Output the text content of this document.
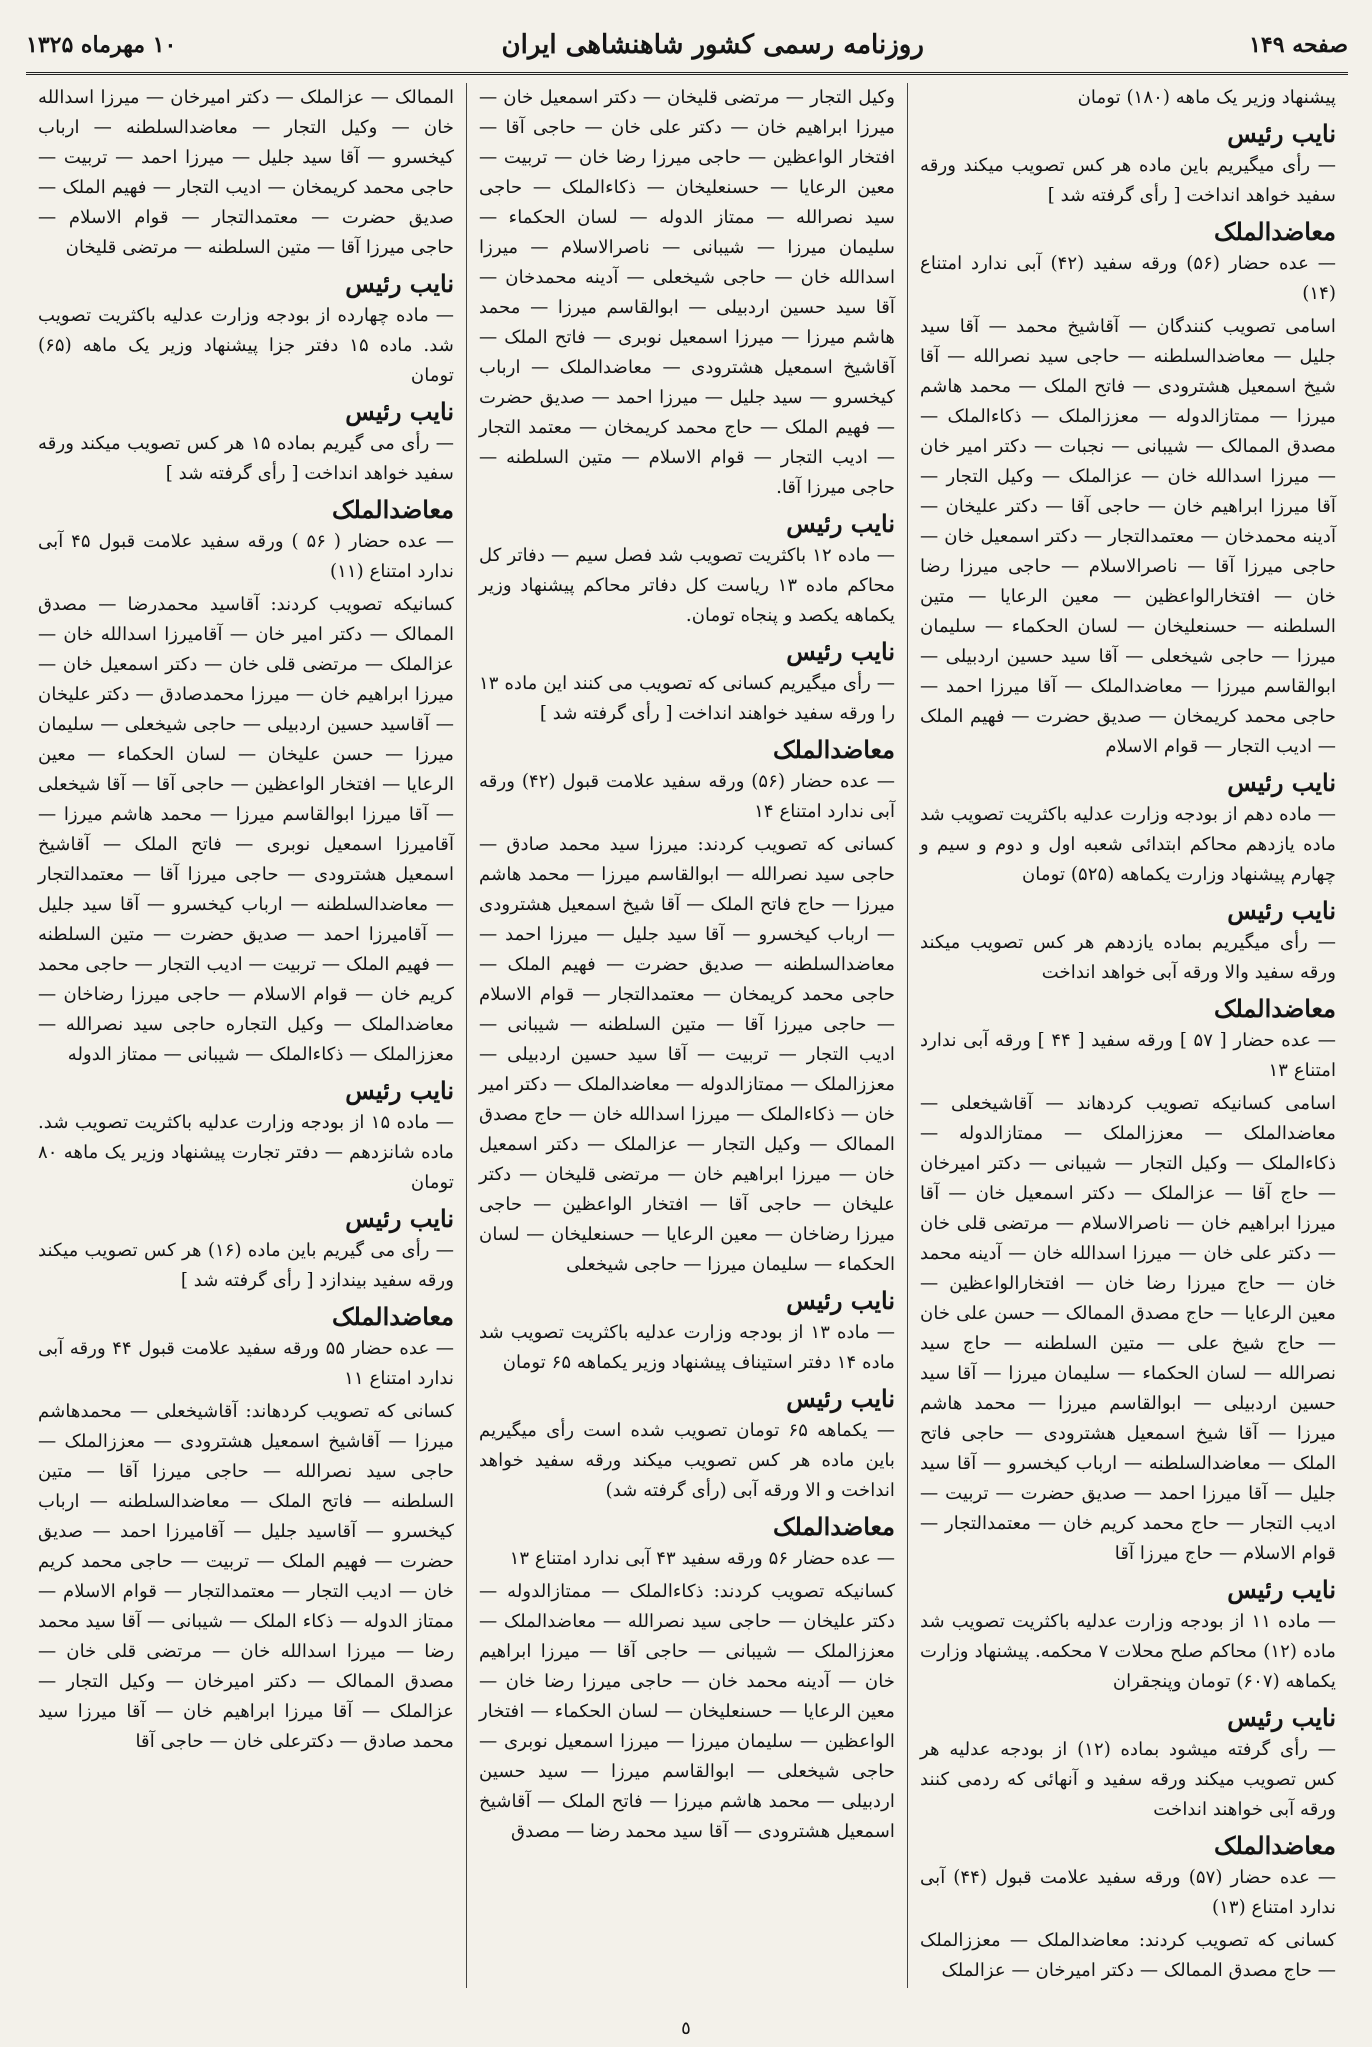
صفحه ۱۴۹
روزنامه رسمی کشور شاهنشاهی ایران
۱۰ مهرماه ۱۳۲۵

پیشنهاد وزیر یک ماهه (۱۸۰) تومان

نایب رئیس

— رأی میگیریم باین ماده هر کس تصویب میکند ورقه سفید خواهد انداخت [ رأی گرفته شد ]

معاضدالملک

— عده حضار (۵۶) ورقه سفید (۴۲) آبی ندارد امتناع (۱۴)

اسامی تصویب کنندگان — آقاشیخ محمد — آقا سید جلیل — معاضدالسلطنه — حاجی سید نصرالله — آقا شیخ اسمعیل هشترودی — فاتح الملک — محمد هاشم میرزا — ممتازالدوله — معززالملک — ذکاءالملک — مصدق الممالک — شیبانی — نجبات — دکتر امیر خان — میرزا اسدالله خان — عزالملک — وکیل التجار — آقا میرزا ابراهیم خان — حاجی آقا — دکتر علیخان — آدینه محمدخان — معتمدالتجار — دکتر اسمعیل خان — حاجی میرزا آقا — ناصرالاسلام — حاجی میرزا رضا خان — افتخارالواعظین — معین الرعایا — متین السلطنه — حسنعلیخان — لسان الحکماء — سلیمان میرزا — حاجی شیخعلی — آقا سید حسین اردبیلی — ابوالقاسم میرزا — معاضدالملک — آقا میرزا احمد — حاجی محمد کریمخان — صدیق حضرت — فهیم الملک — ادیب التجار — قوام الاسلام

نایب رئیس

— ماده دهم از بودجه وزارت عدلیه باکثریت تصویب شد ماده یازدهم محاکم ابتدائی شعبه اول و دوم و سیم و چهارم پیشنهاد وزارت یکماهه (۵۲۵) تومان

نایب رئیس

— رأی میگیریم بماده یازدهم هر کس تصویب میکند ورقه سفید والا ورقه آبی خواهد انداخت

معاضدالملک

— عده حضار [ ۵۷ ] ورقه سفید [ ۴۴ ] ورقه آبی ندارد امتناع ۱۳

اسامی کسانیکه تصویب کردهاند — آقاشیخعلی — معاضدالملک — معززالملک — ممتازالدوله — ذکاءالملک — وکیل التجار — شیبانی — دکتر امیرخان — حاج آقا — عزالملک — دکتر اسمعیل خان — آقا میرزا ابراهیم خان — ناصرالاسلام — مرتضی قلی خان — دکتر علی خان — میرزا اسدالله خان — آدینه محمد خان — حاج میرزا رضا خان — افتخارالواعظین — معین الرعایا — حاج مصدق الممالک — حسن علی خان — حاج شیخ علی — متین السلطنه — حاج سید نصرالله — لسان الحکماء — سلیمان میرزا — آقا سید حسین اردبیلی — ابوالقاسم میرزا — محمد هاشم میرزا — آقا شیخ اسمعیل هشترودی — حاجی فاتح الملک — معاضدالسلطنه — ارباب کیخسرو — آقا سید جلیل — آقا میرزا احمد — صدیق حضرت — تربیت — ادیب التجار — حاج محمد کریم خان — معتمدالتجار — قوام الاسلام — حاج میرزا آقا

نایب رئیس

— ماده ۱۱ از بودجه وزارت عدلیه باکثریت تصویب شد ماده (۱۲) محاکم صلح محلات ۷ محکمه. پیشنهاد وزارت یکماهه (۶۰۷) تومان وپنجقران

نایب رئیس

— رأی گرفته میشود بماده (۱۲) از بودجه عدلیه هر کس تصویب میکند ورقه سفید و آنهائی که ردمی کنند ورقه آبی خواهند انداخت

معاضدالملک

— عده حضار (۵۷) ورقه سفید علامت قبول (۴۴) آبی ندارد امتناع (۱۳)

کسانی که تصویب کردند: معاضدالملک — معززالملک — حاج مصدق الممالک — دکتر امیرخان — عزالملک

وکیل التجار — مرتضی قلیخان — دکتر اسمعیل خان — میرزا ابراهیم خان — دکتر علی خان — حاجی آقا — افتخار الواعظین — حاجی میرزا رضا خان — تربیت — معین الرعایا — حسنعلیخان — ذکاءالملک — حاجی سید نصرالله — ممتاز الدوله — لسان الحکماء — سلیمان میرزا — شیبانی — ناصرالاسلام — میرزا اسدالله خان — حاجی شیخعلی — آدینه محمدخان — آقا سید حسین اردبیلی — ابوالقاسم میرزا — محمد هاشم میرزا — میرزا اسمعیل نوبری — فاتح الملک — آقاشیخ اسمعیل هشترودی — معاضدالملک — ارباب کیخسرو — سید جلیل — میرزا احمد — صدیق حضرت — فهیم الملک — حاج محمد کریمخان — معتمد التجار — ادیب التجار — قوام الاسلام — متین السلطنه — حاجی میرزا آقا.

نایب رئیس

— ماده ۱۲ باکثریت تصویب شد فصل سیم — دفاتر کل محاکم ماده ۱۳ ریاست کل دفاتر محاکم پیشنهاد وزیر یکماهه یکصد و پنجاه تومان.

نایب رئیس

— رأی میگیریم کسانی که تصویب می کنند این ماده ۱۳ را ورقه سفید خواهند انداخت [ رأی گرفته شد ]

معاضدالملک

— عده حضار (۵۶) ورقه سفید علامت قبول (۴۲) ورقه آبی ندارد امتناع ۱۴

کسانی که تصویب کردند: میرزا سید محمد صادق — حاجی سید نصرالله — ابوالقاسم میرزا — محمد هاشم میرزا — حاج فاتح الملک — آقا شیخ اسمعیل هشترودی — ارباب کیخسرو — آقا سید جلیل — میرزا احمد — معاضدالسلطنه — صدیق حضرت — فهیم الملک — حاجی محمد کریمخان — معتمدالتجار — قوام الاسلام — حاجی میرزا آقا — متین السلطنه — شیبانی — ادیب التجار — تربیت — آقا سید حسین اردبیلی — معززالملک — ممتازالدوله — معاضدالملک — دکتر امیر خان — ذکاءالملک — میرزا اسدالله خان — حاج مصدق الممالک — وکیل التجار — عزالملک — دکتر اسمعیل خان — میرزا ابراهیم خان — مرتضی قلیخان — دکتر علیخان — حاجی آقا — افتخار الواعظین — حاجی میرزا رضاخان — معین الرعایا — حسنعلیخان — لسان الحکماء — سلیمان میرزا — حاجی شیخعلی

نایب رئیس

— ماده ۱۳ از بودجه وزارت عدلیه باکثریت تصویب شد ماده ۱۴ دفتر استیناف پیشنهاد وزیر یکماهه ۶۵ تومان

نایب رئیس

— یکماهه ۶۵ تومان تصویب شده است رأی میگیریم باین ماده هر کس تصویب میکند ورقه سفید خواهد انداخت و الا ورقه آبی (رأی گرفته شد)

معاضدالملک

— عده حضار ۵۶ ورقه سفید ۴۳ آبی ندارد امتناع ۱۳

کسانیکه تصویب کردند: ذکاءالملک — ممتازالدوله — دکتر علیخان — حاجی سید نصرالله — معاضدالملک — معززالملک — شیبانی — حاجی آقا — میرزا ابراهیم خان — آدینه محمد خان — حاجی میرزا رضا خان — معین الرعایا — حسنعلیخان — لسان الحکماء — افتخار الواعظین — سلیمان میرزا — میرزا اسمعیل نوبری — حاجی شیخعلی — ابوالقاسم میرزا — سید حسین اردبیلی — محمد هاشم میرزا — فاتح الملک — آقاشیخ اسمعیل هشترودی — آقا سید محمد رضا — مصدق

الممالک — عزالملک — دکتر امیرخان — میرزا اسدالله خان — وکیل التجار — معاضدالسلطنه — ارباب کیخسرو — آقا سید جلیل — میرزا احمد — تربیت — حاجی محمد کریمخان — ادیب التجار — فهیم الملک — صدیق حضرت — معتمدالتجار — قوام الاسلام — حاجی میرزا آقا — متین السلطنه — مرتضی قلیخان

نایب رئیس

— ماده چهارده از بودجه وزارت عدلیه باکثریت تصویب شد. ماده ۱۵ دفتر جزا پیشنهاد وزیر یک ماهه (۶۵) تومان

نایب رئیس

— رأی می گیریم بماده ۱۵ هر کس تصویب میکند ورقه سفید خواهد انداخت [ رأی گرفته شد ]

معاضدالملک

— عده حضار ( ۵۶ ) ورقه سفید علامت قبول ۴۵ آبی ندارد امتناع (۱۱)

کسانیکه تصویب کردند: آقاسید محمدرضا — مصدق الممالک — دکتر امیر خان — آقامیرزا اسدالله خان — عزالملک — مرتضی قلی خان — دکتر اسمعیل خان — میرزا ابراهیم خان — میرزا محمدصادق — دکتر علیخان — آقاسید حسین اردبیلی — حاجی شیخعلی — سلیمان میرزا — حسن علیخان — لسان الحکماء — معین الرعایا — افتخار الواعظین — حاجی آقا — آقا شیخعلی — آقا میرزا ابوالقاسم میرزا — محمد هاشم میرزا — آقامیرزا اسمعیل نوبری — فاتح الملک — آقاشیخ اسمعیل هشترودی — حاجی میرزا آقا — معتمدالتجار — معاضدالسلطنه — ارباب کیخسرو — آقا سید جلیل — آقامیرزا احمد — صدیق حضرت — متین السلطنه — فهیم الملک — تربیت — ادیب التجار — حاجی محمد کریم خان — قوام الاسلام — حاجی میرزا رضاخان — معاضدالملک — وکیل التجاره حاجی سید نصرالله — معززالملک — ذکاءالملک — شیبانی — ممتاز الدوله

نایب رئیس

— ماده ۱۵ از بودجه وزارت عدلیه باکثریت تصویب شد. ماده شانزدهم — دفتر تجارت پیشنهاد وزیر یک ماهه ۸۰ تومان

نایب رئیس

— رأی می گیریم باین ماده (۱۶) هر کس تصویب میکند ورقه سفید بیندازد [ رأی گرفته شد ]

معاضدالملک

— عده حضار ۵۵ ورقه سفید علامت قبول ۴۴ ورقه آبی ندارد امتناع ۱۱

کسانی که تصویب کردهاند: آقاشیخعلی — محمدهاشم میرزا — آقاشیخ اسمعیل هشترودی — معززالملک — حاجی سید نصرالله — حاجی میرزا آقا — متین السلطنه — فاتح الملک — معاضدالسلطنه — ارباب کیخسرو — آقاسید جلیل — آقامیرزا احمد — صدیق حضرت — فهیم الملک — تربیت — حاجی محمد کریم خان — ادیب التجار — معتمدالتجار — قوام الاسلام — ممتاز الدوله — ذکاء الملک — شیبانی — آقا سید محمد رضا — میرزا اسدالله خان — مرتضی قلی خان — مصدق الممالک — دکتر امیرخان — وکیل التجار — عزالملک — آقا میرزا ابراهیم خان — آقا میرزا سید محمد صادق — دکترعلی خان — حاجی آقا

٥
